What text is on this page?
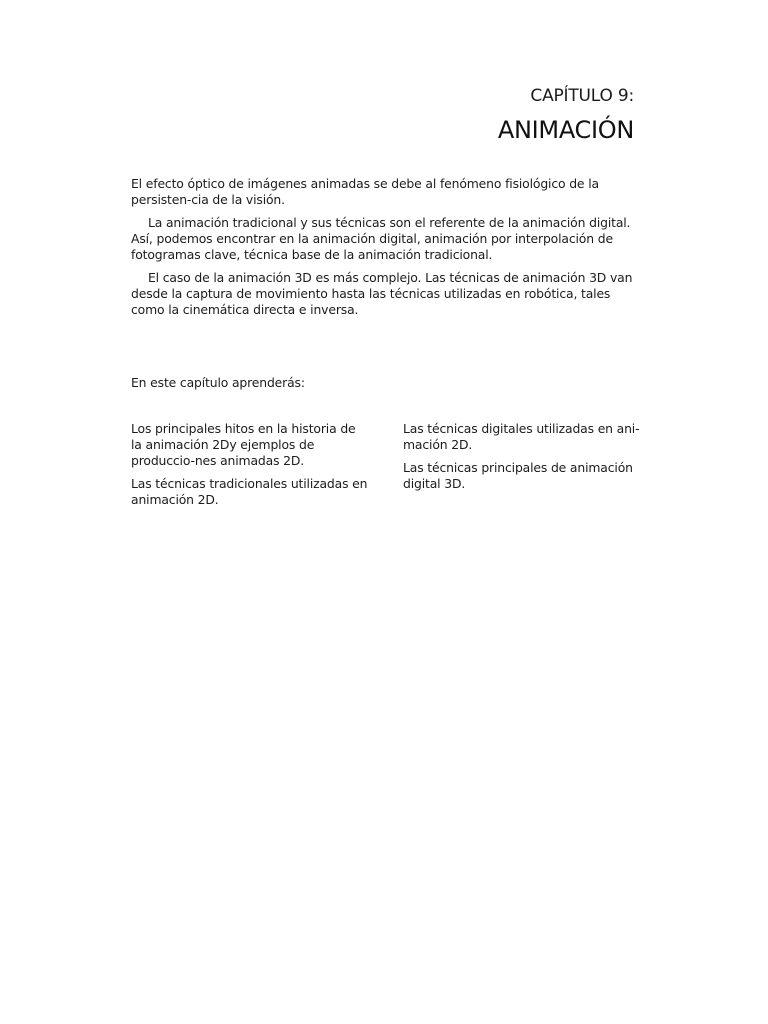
CAPÍTULO 9:
ANIMACIÓN

El efecto óptico de imágenes animadas se debe al fenómeno fisiológico de la persisten-cia de la visión.

La animación tradicional y sus técnicas son el referente de la animación digital. Así, podemos encontrar en la animación digital, animación por interpolación de fotogramas clave, técnica base de la animación tradicional.

El caso de la animación 3D es más complejo. Las técnicas de animación 3D van desde la captura de movimiento hasta las técnicas utilizadas en robótica, tales como la cinemática directa e inversa.

En este capítulo aprenderás:

Los principales hitos en la historia de la animación 2Dy ejemplos de produccio-nes animadas 2D.

Las técnicas tradicionales utilizadas en animación 2D.

Las técnicas digitales utilizadas en ani-mación 2D.

Las técnicas principales de animación digital 3D.
